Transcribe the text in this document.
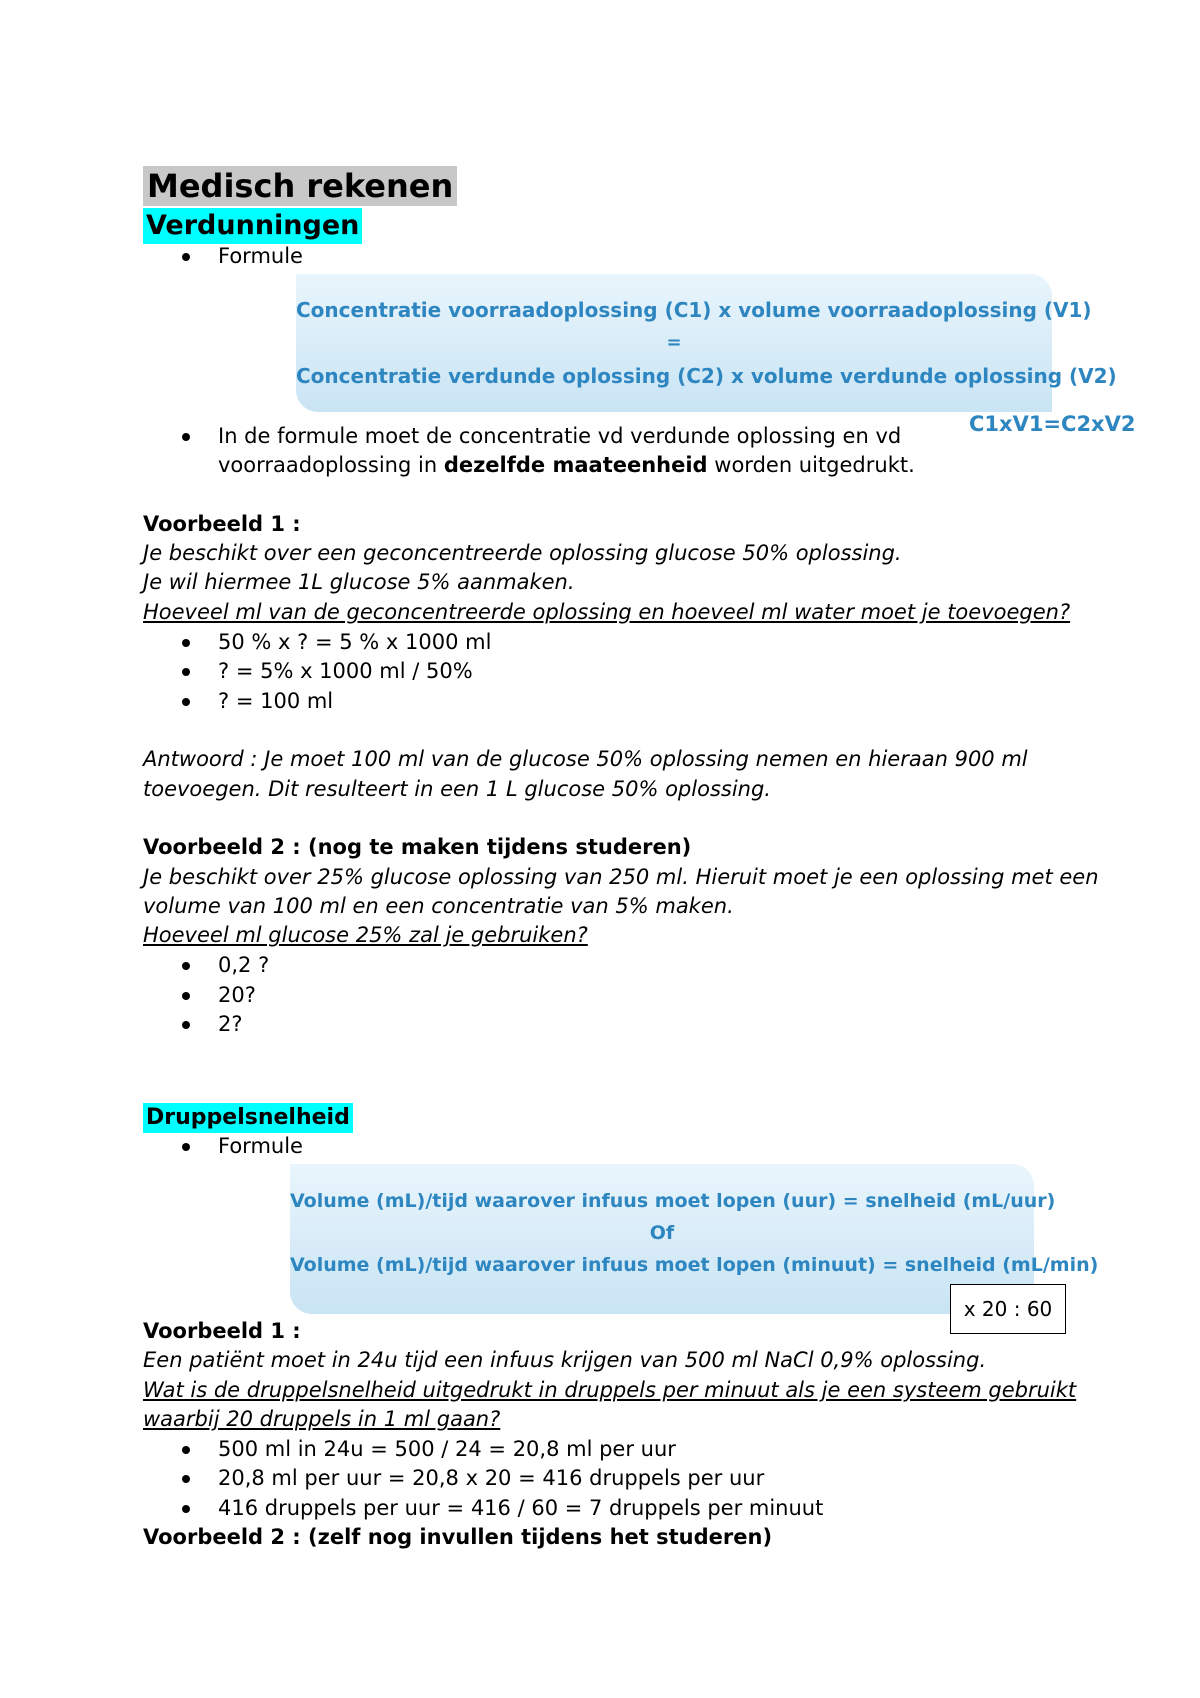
Medisch rekenen
Verdunningen
Formule
Concentratie voorraadoplossing (C1) x volume voorraadoplossing (V1)
=
Concentratie verdunde oplossing (C2) x volume verdunde oplossing (V2)
C1xV1=C2xV2
In de formule moet de concentratie vd verdunde oplossing en vd
voorraadoplossing in dezelfde maateenheid worden uitgedrukt.
Voorbeeld 1 :
Je beschikt over een geconcentreerde oplossing glucose 50% oplossing.
Je wil hiermee 1L glucose 5% aanmaken.
Hoeveel ml van de geconcentreerde oplossing en hoeveel ml water moet je toevoegen?
50 % x ? = 5 % x 1000 ml
? = 5% x 1000 ml / 50%
? = 100 ml
Antwoord : Je moet 100 ml van de glucose 50% oplossing nemen en hieraan 900 ml
toevoegen. Dit resulteert in een 1 L glucose 50% oplossing.
Voorbeeld 2 : (nog te maken tijdens studeren)
Je beschikt over 25% glucose oplossing van 250 ml. Hieruit moet je een oplossing met een
volume van 100 ml en een concentratie van 5% maken.
Hoeveel ml glucose 25% zal je gebruiken?
0,2 ?
20?
2?
Druppelsnelheid
Formule
Volume (mL)/tijd waarover infuus moet lopen (uur) = snelheid (mL/uur)
Of
Volume (mL)/tijd waarover infuus moet lopen (minuut) = snelheid (mL/min)
x 20 : 60
Voorbeeld 1 :
Een patiënt moet in 24u tijd een infuus krijgen van 500 ml NaCl 0,9% oplossing.
Wat is de druppelsnelheid uitgedrukt in druppels per minuut als je een systeem gebruikt
waarbij 20 druppels in 1 ml gaan?
500 ml in 24u = 500 / 24 = 20,8 ml per uur
20,8 ml per uur = 20,8 x 20 = 416 druppels per uur
416 druppels per uur = 416 / 60 = 7 druppels per minuut
Voorbeeld 2 : (zelf nog invullen tijdens het studeren)
